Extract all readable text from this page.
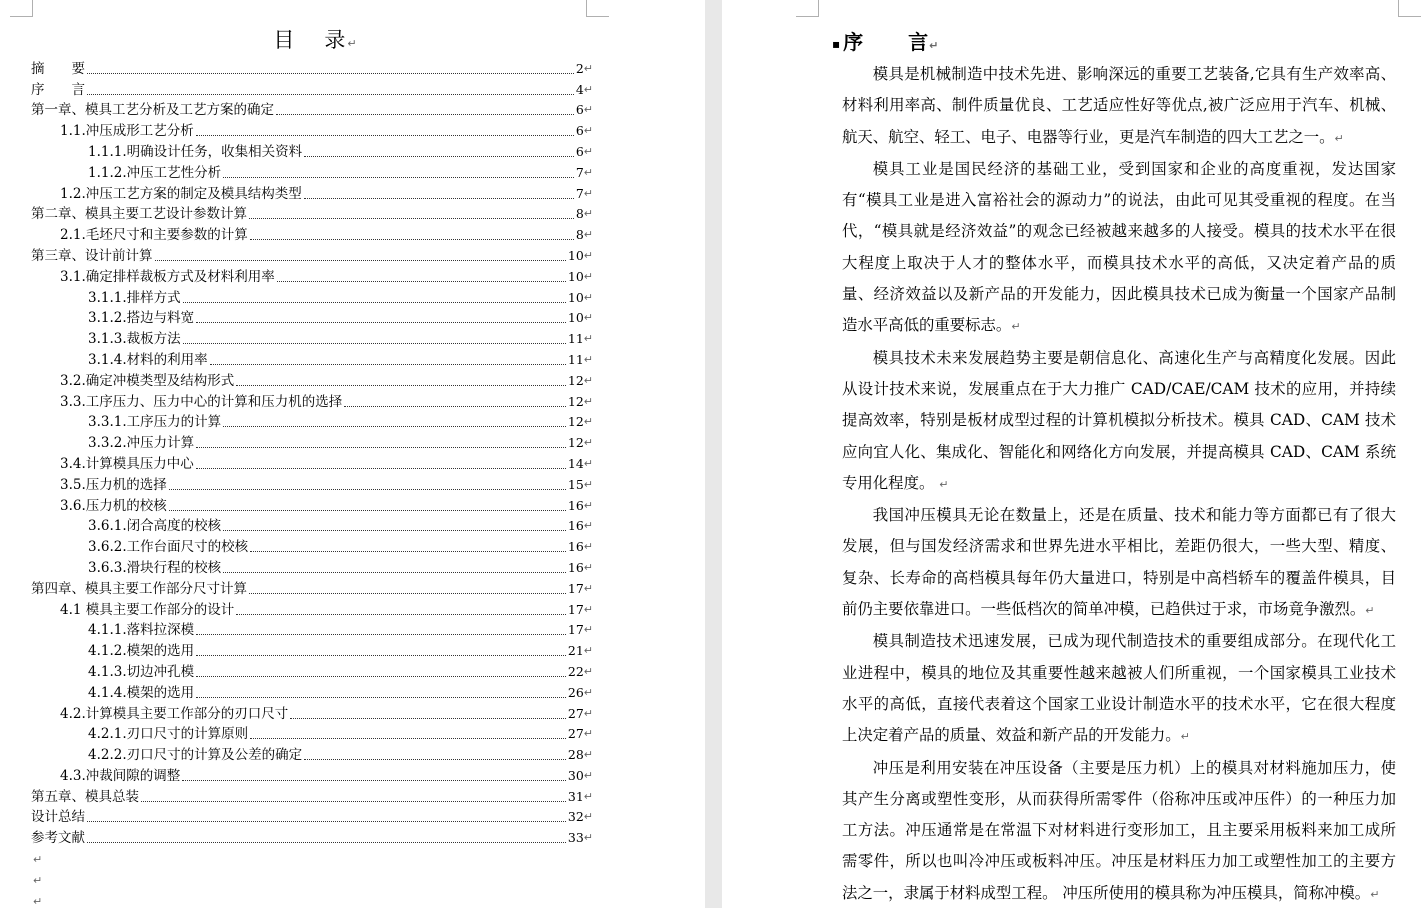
目 录↵
摘　　要	2 ↵
序　　言	4 ↵
第一章、模具工艺分析及工艺方案的确定	6 ↵
1.1.冲压成形工艺分析	6 ↵
1.1.1.明确设计任务，收集相关资料	6 ↵
1.1.2.冲压工艺性分析	7 ↵
1.2.冲压工艺方案的制定及模具结构类型	7 ↵
第二章、模具主要工艺设计参数计算	8 ↵
2.1.毛坯尺寸和主要参数的计算	8 ↵
第三章、设计前计算	10 ↵
3.1.确定排样裁板方式及材料利用率	10 ↵
3.1.1.排样方式	10 ↵
3.1.2.搭边与料宽	10 ↵
3.1.3.裁板方法	11 ↵
3.1.4.材料的利用率	11 ↵
3.2.确定冲模类型及结构形式	12 ↵
3.3.工序压力、压力中心的计算和压力机的选择	12 ↵
3.3.1.工序压力的计算	12 ↵
3.3.2.冲压力计算	12 ↵
3.4.计算模具压力中心	14 ↵
3.5.压力机的选择	15 ↵
3.6.压力机的校核	16 ↵
3.6.1.闭合高度的校核	16 ↵
3.6.2.工作台面尺寸的校核	16 ↵
3.6.3.滑块行程的校核	16 ↵
第四章、模具主要工作部分尺寸计算	17 ↵
4.1 模具主要工作部分的设计	17 ↵
4.1.1.落料拉深模	17 ↵
4.1.2.模架的选用	21 ↵
4.1.3.切边冲孔模	22 ↵
4.1.4.模架的选用	26 ↵
4.2.计算模具主要工作部分的刃口尺寸	27 ↵
4.2.1.刃口尺寸的计算原则	27 ↵
4.2.2.刃口尺寸的计算及公差的确定	28 ↵
4.3.冲裁间隙的调整	30 ↵
第五章、模具总装	31 ↵
设计总结	32 ↵
参考文献	33 ↵
↵
↵
↵
▪ 序 言↵

模具是机械制造中技术先进、影响深远的重要工艺装备,它具有生产效率高、材料利用率高、制件质量优良、工艺适应性好等优点,被广泛应用于汽车、机械、航天、航空、轻工、电子、电器等行业，更是汽车制造的四大工艺之一。↵

模具工业是国民经济的基础工业，受到国家和企业的高度重视，发达国家有“模具工业是进入富裕社会的源动力”的说法，由此可见其受重视的程度。在当代，“模具就是经济效益”的观念已经被越来越多的人接受。模具的技术水平在很大程度上取决于人才的整体水平，而模具技术水平的高低，又决定着产品的质量、经济效益以及新产品的开发能力，因此模具技术已成为衡量一个国家产品制造水平高低的重要标志。↵

模具技术未来发展趋势主要是朝信息化、高速化生产与高精度化发展。因此从设计技术来说，发展重点在于大力推广 CAD/CAE/CAM 技术的应用，并持续提高效率，特别是板材成型过程的计算机模拟分析技术。模具 CAD、CAM 技术应向宜人化、集成化、智能化和网络化方向发展，并提高模具 CAD、CAM 系统专用化程度。 ↵

我国冲压模具无论在数量上，还是在质量、技术和能力等方面都已有了很大发展，但与国发经济需求和世界先进水平相比，差距仍很大，一些大型、精度、复杂、长寿命的高档模具每年仍大量进口，特别是中高档轿车的覆盖件模具，目前仍主要依靠进口。一些低档次的简单冲模，已趋供过于求，市场竟争激烈。↵

模具制造技术迅速发展，已成为现代制造技术的重要组成部分。在现代化工业进程中，模具的地位及其重要性越来越被人们所重视，一个国家模具工业技术水平的高低，直接代表着这个国家工业设计制造水平的技术水平，它在很大程度上决定着产品的质量、效益和新产品的开发能力。↵

冲压是利用安装在冲压设备（主要是压力机）上的模具对材料施加压力，使其产生分离或塑性变形，从而获得所需零件（俗称冲压或冲压件）的一种压力加工方法。冲压通常是在常温下对材料进行变形加工，且主要采用板料来加工成所需零件，所以也叫冷冲压或板料冲压。冲压是材料压力加工或塑性加工的主要方法之一，隶属于材料成型工程。 冲压所使用的模具称为冲压模具，简称冲模。↵
